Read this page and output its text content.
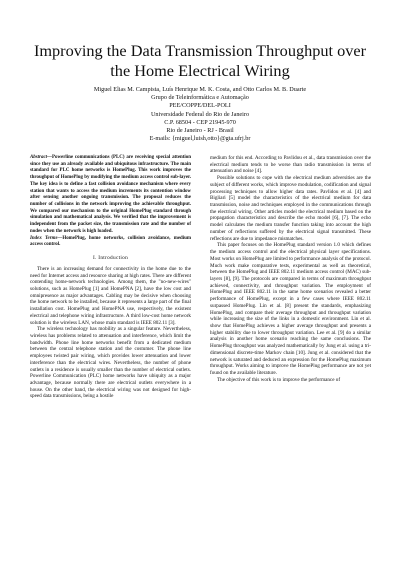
Improving the Data Transmission Throughput over the Home Electrical Wiring
Miguel Elias M. Campista, Luís Henrique M. K. Costa, and Otto Carlos M. B. Duarte
Grupo de Teleinformática e Automação
PEE/COPPE/DEL-POLI
Universidade Federal do Rio de Janeiro
C.P. 68504 - CEP 21945-970
Rio de Janeiro - RJ - Brasil
E-mails: {miguel,luish,otto}@gta.ufrj.br

Abstract—Powerline communications (PLC) are receiving special attention since they use an already available and ubiquitous infrastructure. The main standard for PLC home networks is HomePlug. This work improves the throughput of HomePlug by modifying the medium access control sub-layer. The key idea is to define a fast collision avoidance mechanism where every station that wants to access the medium increments its contention window after sensing another ongoing transmission. The proposal reduces the number of collisions in the network improving the achievable throughput. We compared our mechanism to the original HomePlug standard through simulation and mathematical analysis. We verified that the improvement is independent from the packet size, the transmission rate and the number of nodes when the network is high loaded.

Index Terms—HomePlug, home networks, collision avoidance, medium access control.

I. Introduction

There is an increasing demand for connectivity in the home due to the need for Internet access and resource sharing at high rates. There are different contending home-network technologies. Among them, the "no-new-wires" solutions, such as HomePlug [1] and HomePNA [2], have the low cost and omnipresence as major advantages. Cabling may be decisive when choosing the home network to be installed, because it represents a large part of the final installation cost. HomePlug and HomePNA use, respectively, the existent electrical and telephone wiring infrastructure. A third low-cost home network solution is the wireless LAN, whose main standard is IEEE 802.11 [3].

The wireless technology has mobility as a singular feature. Nevertheless, wireless has problems related to attenuation and interference, which limit the bandwidth. Phone line home networks benefit from a dedicated medium between the central telephone station and the costumer. The phone line employees twisted pair wiring, which provides lower attenuation and lower interference than the electrical wires. Nevertheless, the number of phone outlets in a residence is usually smaller than the number of electrical outlets. Powerline Communication (PLC) home networks have ubiquity as a major advantage, because normally there are electrical outlets everywhere in a house. On the other hand, the electrical wiring was not designed for high-speed data transmissions, being a hostile

medium for this end. According to Pavlidou et al., data transmission over the electrical medium tends to be worse than radio transmission in terms of attenuation and noise [4].

Possible solutions to cope with the electrical medium adversities are the subject of different works, which improve modulation, codification and signal processing techniques to allow higher data rates. Pavlidou et al. [4] and Bigliari [5] model the characteristics of the electrical medium for data transmission, noise and techniques employed in the communications through the electrical wiring. Other articles model the electrical medium based on the propagation characteristics and describe the echo model [6], [7]. The echo model calculates the medium transfer function taking into account the high number of reflections suffered by the electrical signal transmitted. These reflections are due to impedance mismatches.

This paper focuses on the HomePlug standard version 1.0 which defines the medium access control and the electrical physical layer specifications. Most works on HomePlug are limited to performance analysis of the protocol. Much work make comparative tests, experimental as well as theoretical, between the HomePlug and IEEE 802.11 medium access control (MAC) sub-layers [8], [9]. The protocols are compared in terms of maximum throughput achieved, connectivity, and throughput variation. The employment of HomePlug and IEEE 802.11 in the same home scenarios revealed a better performance of HomePlug, except in a few cases where IEEE 802.11 surpassed HomePlug. Lin et al. [8] present the standards, emphasizing HomePlug, and compare their average throughput and throughput variation while increasing the size of the links in a domestic environment. Lin et al. show that HomePlug achieves a higher average throughput and presents a higher stability due to lower throughput variation. Lee et al. [9] do a similar analysis in another home scenario reaching the same conclusions. The HomePlug throughput was analyzed mathematically by Jung et al. using a tri-dimensional discrete-time Markov chain [10]. Jung et al. considered that the network is saturated and deduced an expression for the HomePlug maximum throughput. Works aiming to improve the HomePlug performance are not yet found on the available literature.

The objective of this work is to improve the performance of
